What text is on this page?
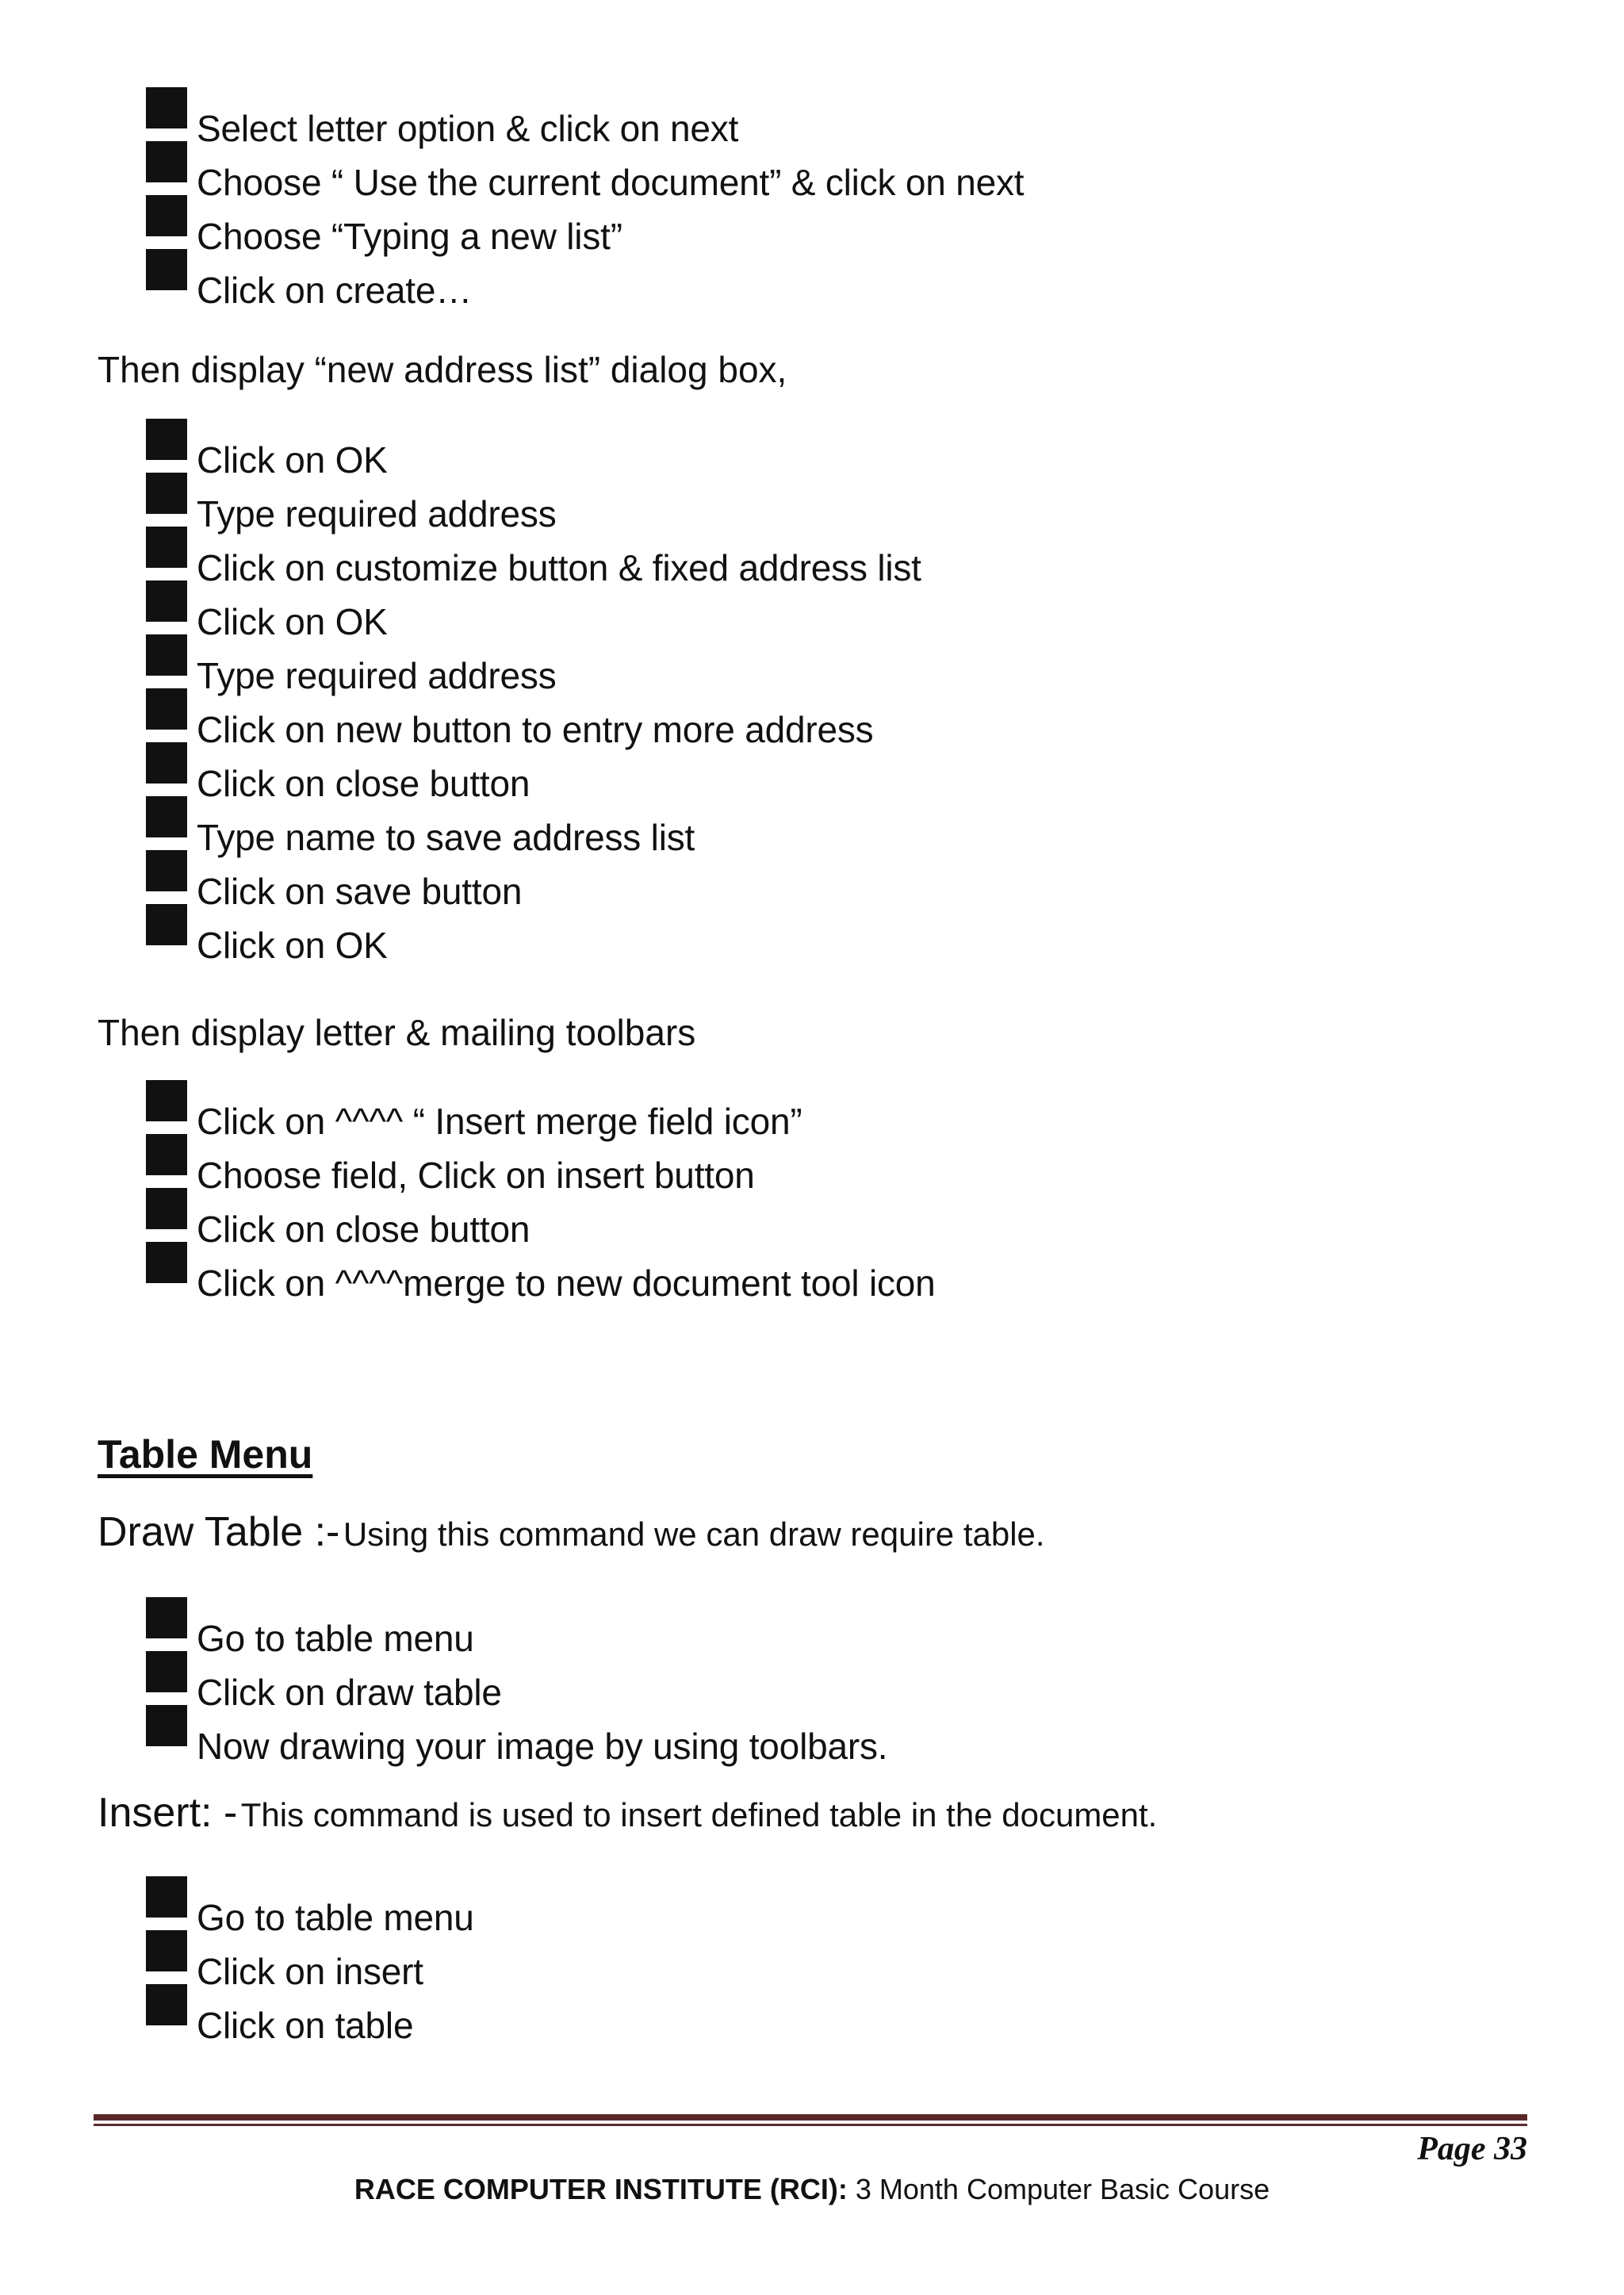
Select letter option & click on next
Choose “ Use the current document” & click on next
Choose “Typing a new list”
Click on create…

Then display “new address list” dialog box,

Click on OK
Type required address
Click on customize button & fixed address list
Click on OK
Type required address
Click on new button to entry more address
Click on close button
Type name to save address list
Click on save button
Click on OK

Then display letter & mailing toolbars

Click on ^^^^ “ Insert merge field icon”
Choose field, Click on insert button
Click on close button
Click on ^^^^merge to new document tool icon
Table Menu

Draw Table :- Using this command we can draw require table.

Go to table menu
Click on draw table
Now drawing your image by using toolbars.

Insert: - This command is used to insert defined table in the document.

Go to table menu
Click on insert
Click on table
Page 33
RACE COMPUTER INSTITUTE (RCI): 3 Month Computer Basic Course
